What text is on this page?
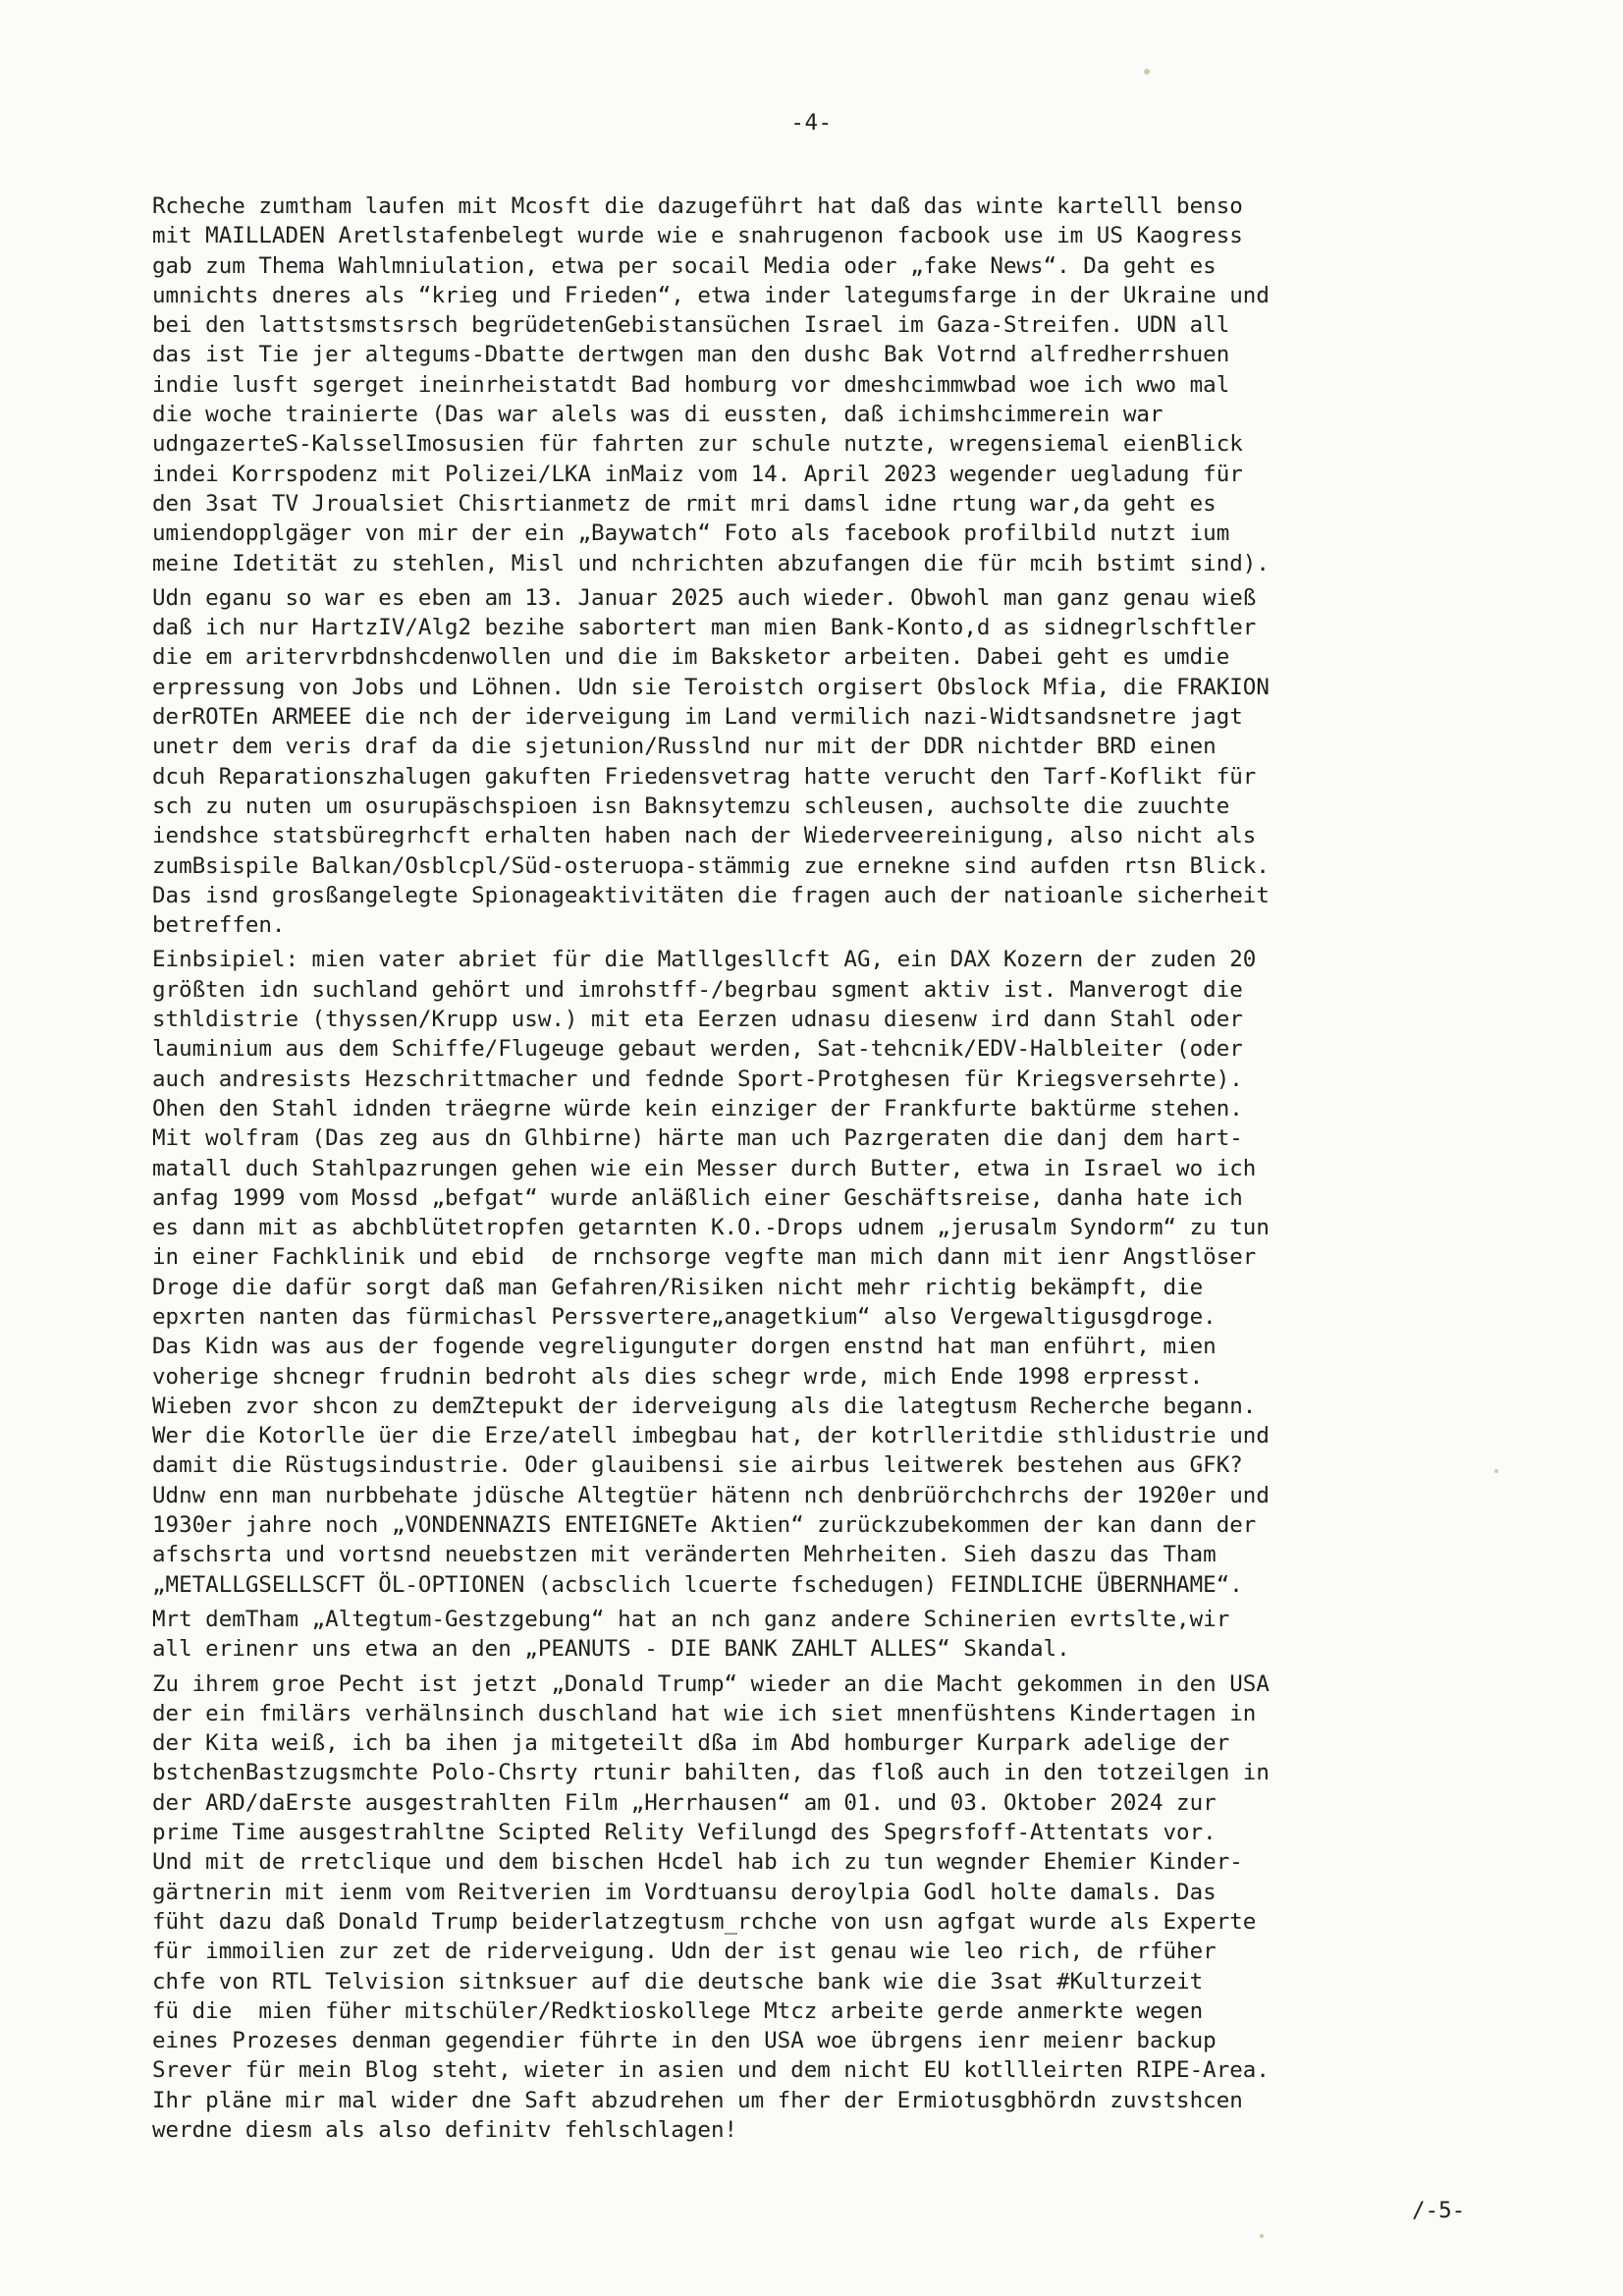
-4-
Rcheche zumtham laufen mit Mcosft die dazugeführt hat daß das winte kartelll benso
mit MAILLADEN Aretlstafenbelegt wurde wie e snahrugenon facbook use im US Kaogress
gab zum Thema Wahlmniulation, etwa per socail Media oder „fake News“. Da geht es
umnichts dneres als “krieg und Frieden“, etwa inder lategumsfarge in der Ukraine und
bei den lattstsmstsrsch begrüdetenGebistansüchen Israel im Gaza-Streifen. UDN all
das ist Tie jer altegums-Dbatte dertwgen man den dushc Bak Votrnd alfredherrshuen
indie lusft sgerget ineinrheistatdt Bad homburg vor dmeshcimmwbad woe ich wwo mal
die woche trainierte (Das war alels was di eussten, daß ichimshcimmerein war
udngazerteS-KalsselImosusien für fahrten zur schule nutzte, wregensiemal eienBlick
indei Korrspodenz mit Polizei/LKA inMaiz vom 14. April 2023 wegender uegladung für
den 3sat TV Jroualsiet Chisrtianmetz de rmit mri damsl idne rtung war,da geht es
umiendopplgäger von mir der ein „Baywatch“ Foto als facebook profilbild nutzt ium
meine Idetität zu stehlen, Misl und nchrichten abzufangen die für mcih bstimt sind).
Udn eganu so war es eben am 13. Januar 2025 auch wieder. Obwohl man ganz genau wieß
daß ich nur HartzIV/Alg2 bezihe sabortert man mien Bank-Konto,d as sidnegrlschftler
die em aritervrbdnshcdenwollen und die im Baksketor arbeiten. Dabei geht es umdie
erpressung von Jobs und Löhnen. Udn sie Teroistch orgisert Obslock Mfia, die FRAKION
derROTEn ARMEEE die nch der iderveigung im Land vermilich nazi-Widtsandsnetre jagt
unetr dem veris draf da die sjetunion/Russlnd nur mit der DDR nichtder BRD einen
dcuh Reparationszhalugen gakuften Friedensvetrag hatte verucht den Tarf-Koflikt für
sch zu nuten um osurupäschspioen isn Baknsytemzu schleusen, auchsolte die zuuchte
iendshce statsbüregrhcft erhalten haben nach der Wiederveereinigung, also nicht als
zumBsispile Balkan/Osblcpl/Süd-osteruopa-stämmig zue ernekne sind aufden rtsn Blick.
Das isnd grosßangelegte Spionageaktivitäten die fragen auch der natioanle sicherheit
betreffen.
Einbsipiel: mien vater abriet für die Matllgesllcft AG, ein DAX Kozern der zuden 20
größten idn suchland gehört und imrohstff-/begrbau sgment aktiv ist. Manverogt die
sthldistrie (thyssen/Krupp usw.) mit eta Eerzen udnasu diesenw ird dann Stahl oder
lauminium aus dem Schiffe/Flugeuge gebaut werden, Sat-tehcnik/EDV-Halbleiter (oder
auch andresists Hezschrittmacher und fednde Sport-Protghesen für Kriegsversehrte).
Ohen den Stahl idnden träegrne würde kein einziger der Frankfurte baktürme stehen.
Mit wolfram (Das zeg aus dn Glhbirne) härte man uch Pazrgeraten die danj dem hart-
matall duch Stahlpazrungen gehen wie ein Messer durch Butter, etwa in Israel wo ich
anfag 1999 vom Mossd „befgat“ wurde anläßlich einer Geschäftsreise, danha hate ich
es dann mit as abchblütetropfen getarnten K.O.-Drops udnem „jerusalm Syndorm“ zu tun
in einer Fachklinik und ebid  de rnchsorge vegfte man mich dann mit ienr Angstlöser
Droge die dafür sorgt daß man Gefahren/Risiken nicht mehr richtig bekämpft, die
epxrten nanten das fürmichasl Perssvertere„anagetkium“ also Vergewaltigusgdroge.
Das Kidn was aus der fogende vegreligunguter dorgen enstnd hat man enführt, mien
voherige shcnegr frudnin bedroht als dies schegr wrde, mich Ende 1998 erpresst.
Wieben zvor shcon zu demZtepukt der iderveigung als die lategtusm Recherche begann.
Wer die Kotorlle üer die Erze/atell imbegbau hat, der kotrlleritdie sthlidustrie und
damit die Rüstugsindustrie. Oder glauibensi sie airbus leitwerek bestehen aus GFK?
Udnw enn man nurbbehate jdüsche Altegtüer hätenn nch denbrüörchchrchs der 1920er und
1930er jahre noch „VONDENNAZIS ENTEIGNETe Aktien“ zurückzubekommen der kan dann der
afschsrta und vortsnd neuebstzen mit veränderten Mehrheiten. Sieh daszu das Tham
„METALLGSELLSCFT ÖL-OPTIONEN (acbsclich lcuerte fschedugen) FEINDLICHE ÜBERNHAME“.
Mrt demTham „Altegtum-Gestzgebung“ hat an nch ganz andere Schinerien evrtslte,wir
all erinenr uns etwa an den „PEANUTS - DIE BANK ZAHLT ALLES“ Skandal.
Zu ihrem groe Pecht ist jetzt „Donald Trump“ wieder an die Macht gekommen in den USA
der ein fmilärs verhälnsinch duschland hat wie ich siet mnenfüshtens Kindertagen in
der Kita weiß, ich ba ihen ja mitgeteilt dßa im Abd homburger Kurpark adelige der
bstchenBastzugsmchte Polo-Chsrty rtunir bahilten, das floß auch in den totzeilgen in
der ARD/daErste ausgestrahlten Film „Herrhausen“ am 01. und 03. Oktober 2024 zur
prime Time ausgestrahltne Scipted Relity Vefilungd des Spegrsfoff-Attentats vor.
Und mit de rretclique und dem bischen Hcdel hab ich zu tun wegnder Ehemier Kinder-
gärtnerin mit ienm vom Reitverien im Vordtuansu deroylpia Godl holte damals. Das
füht dazu daß Donald Trump beiderlatzegtusm_rchche von usn agfgat wurde als Experte
für immoilien zur zet de riderveigung. Udn der ist genau wie leo rich, de rfüher
chfe von RTL Telvision sitnksuer auf die deutsche bank wie die 3sat #Kulturzeit
fü die  mien füher mitschüler/Redktioskollege Mtcz arbeite gerde anmerkte wegen
eines Prozeses denman gegendier führte in den USA woe übrgens ienr meienr backup
Srever für mein Blog steht, wieter in asien und dem nicht EU kotllleirten RIPE-Area.
Ihr pläne mir mal wider dne Saft abzudrehen um fher der Ermiotusgbhördn zuvstshcen
werdne diesm als also definitv fehlschlagen!
/-5-
